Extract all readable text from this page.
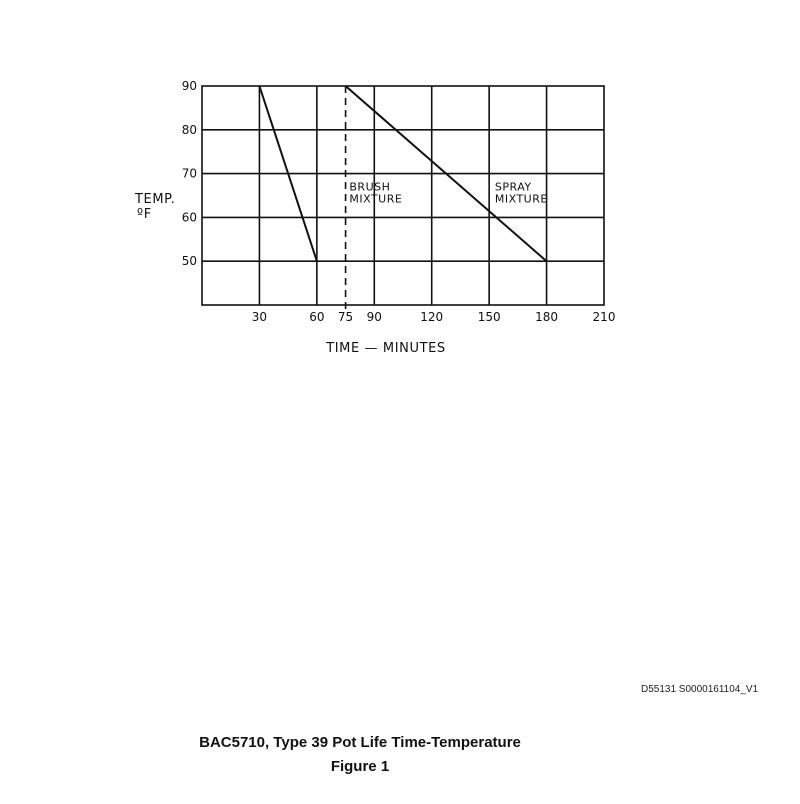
30	60 75 90	120	150	180	210
50
60
70
80
90
BRUSH
MIXTURE
SPRAY
MIXTURE
TEMP.
ºF
TIME — MINUTES
D55131 S0000161104_V1
BAC5710, Type 39 Pot Life Time-Temperature
Figure 1
